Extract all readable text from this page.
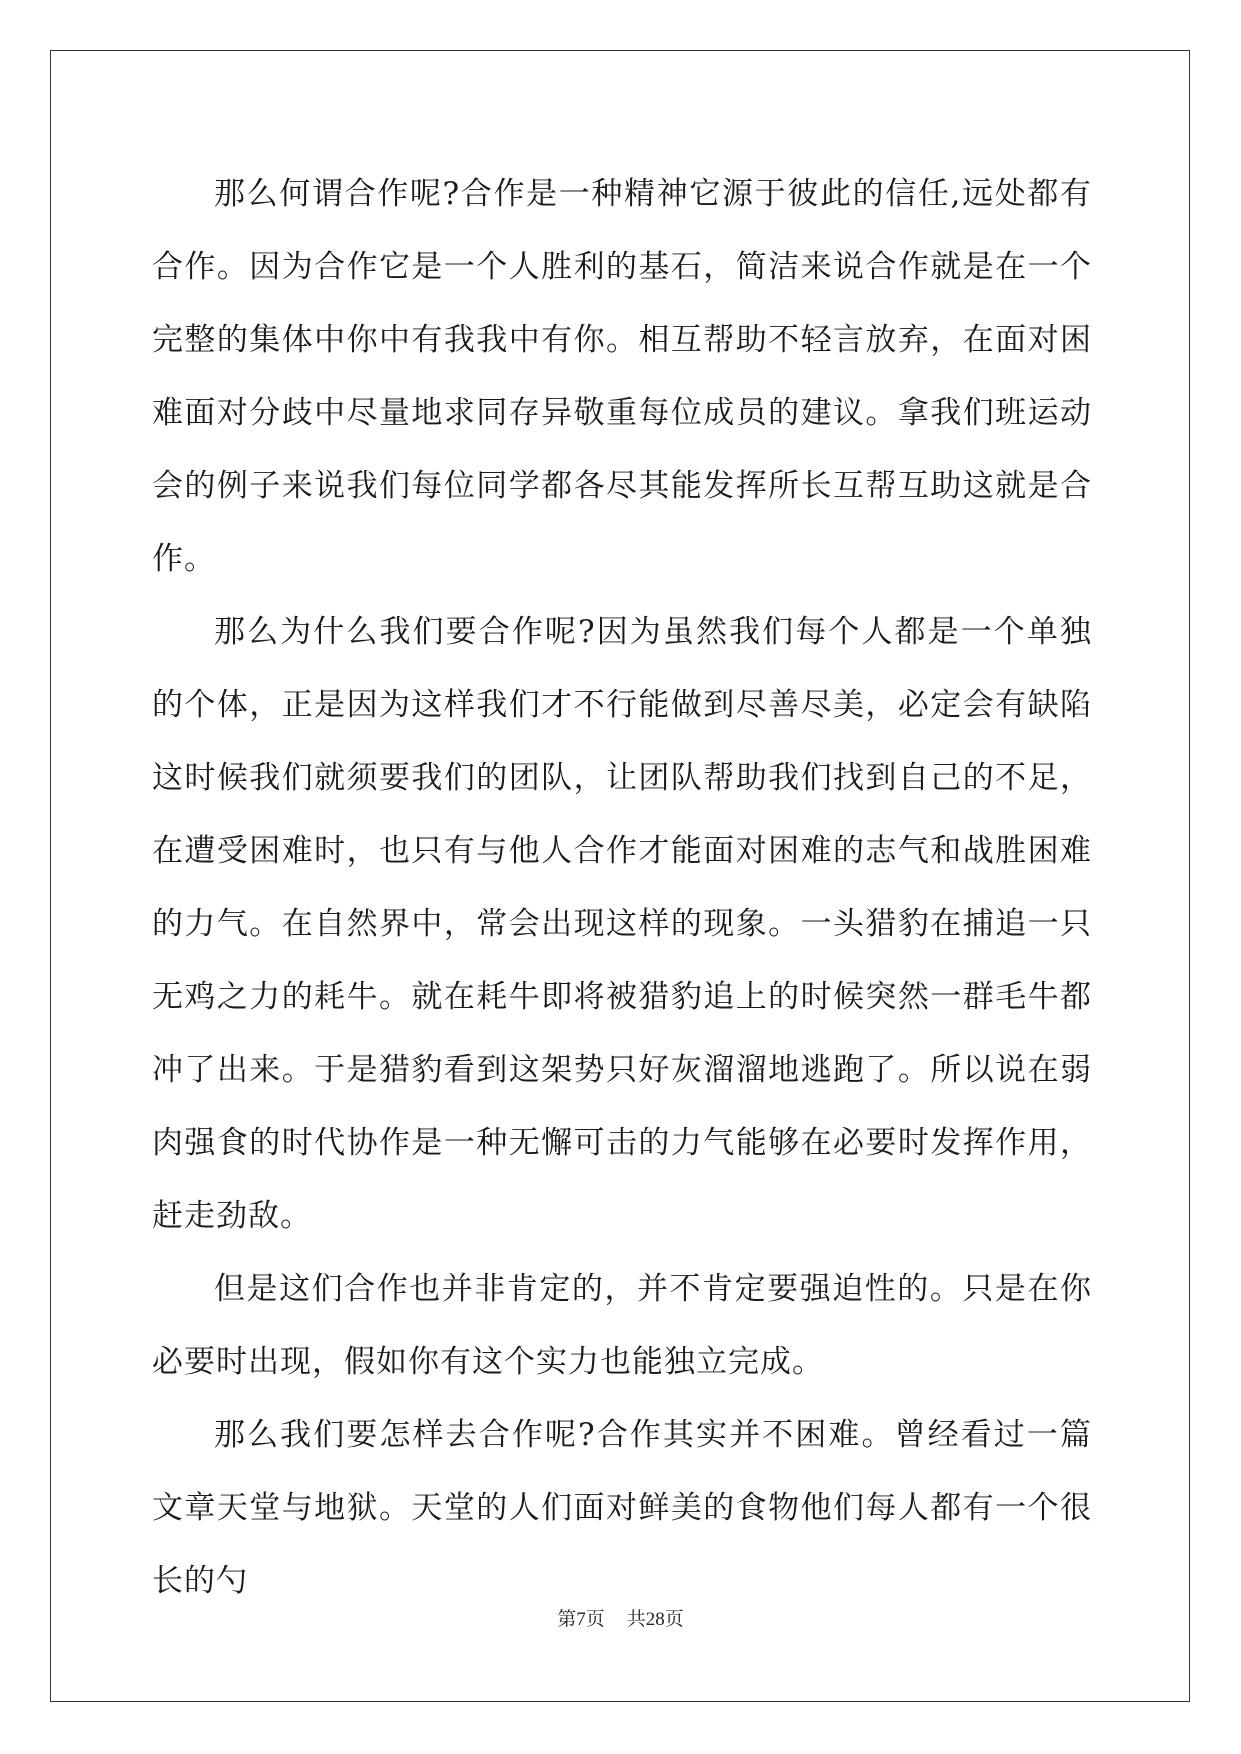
那么何谓合作呢?合作是一种精神它源于彼此的信任,远处都有合作。因为合作它是一个人胜利的基石，简洁来说合作就是在一个完整的集体中你中有我我中有你。相互帮助不轻言放弃，在面对困难面对分歧中尽量地求同存异敬重每位成员的建议。拿我们班运动会的例子来说我们每位同学都各尽其能发挥所长互帮互助这就是合作。

那么为什么我们要合作呢?因为虽然我们每个人都是一个单独的个体，正是因为这样我们才不行能做到尽善尽美，必定会有缺陷这时候我们就须要我们的团队，让团队帮助我们找到自己的不足，在遭受困难时，也只有与他人合作才能面对困难的志气和战胜困难的力气。在自然界中，常会出现这样的现象。一头猎豹在捕追一只无鸡之力的耗牛。就在耗牛即将被猎豹追上的时候突然一群毛牛都冲了出来。于是猎豹看到这架势只好灰溜溜地逃跑了。所以说在弱肉强食的时代协作是一种无懈可击的力气能够在必要时发挥作用，赶走劲敌。

但是这们合作也并非肯定的，并不肯定要强迫性的。只是在你必要时出现，假如你有这个实力也能独立完成。

那么我们要怎样去合作呢?合作其实并不困难。曾经看过一篇文章天堂与地狱。天堂的人们面对鲜美的食物他们每人都有一个很长的勺

第7页 共28页
